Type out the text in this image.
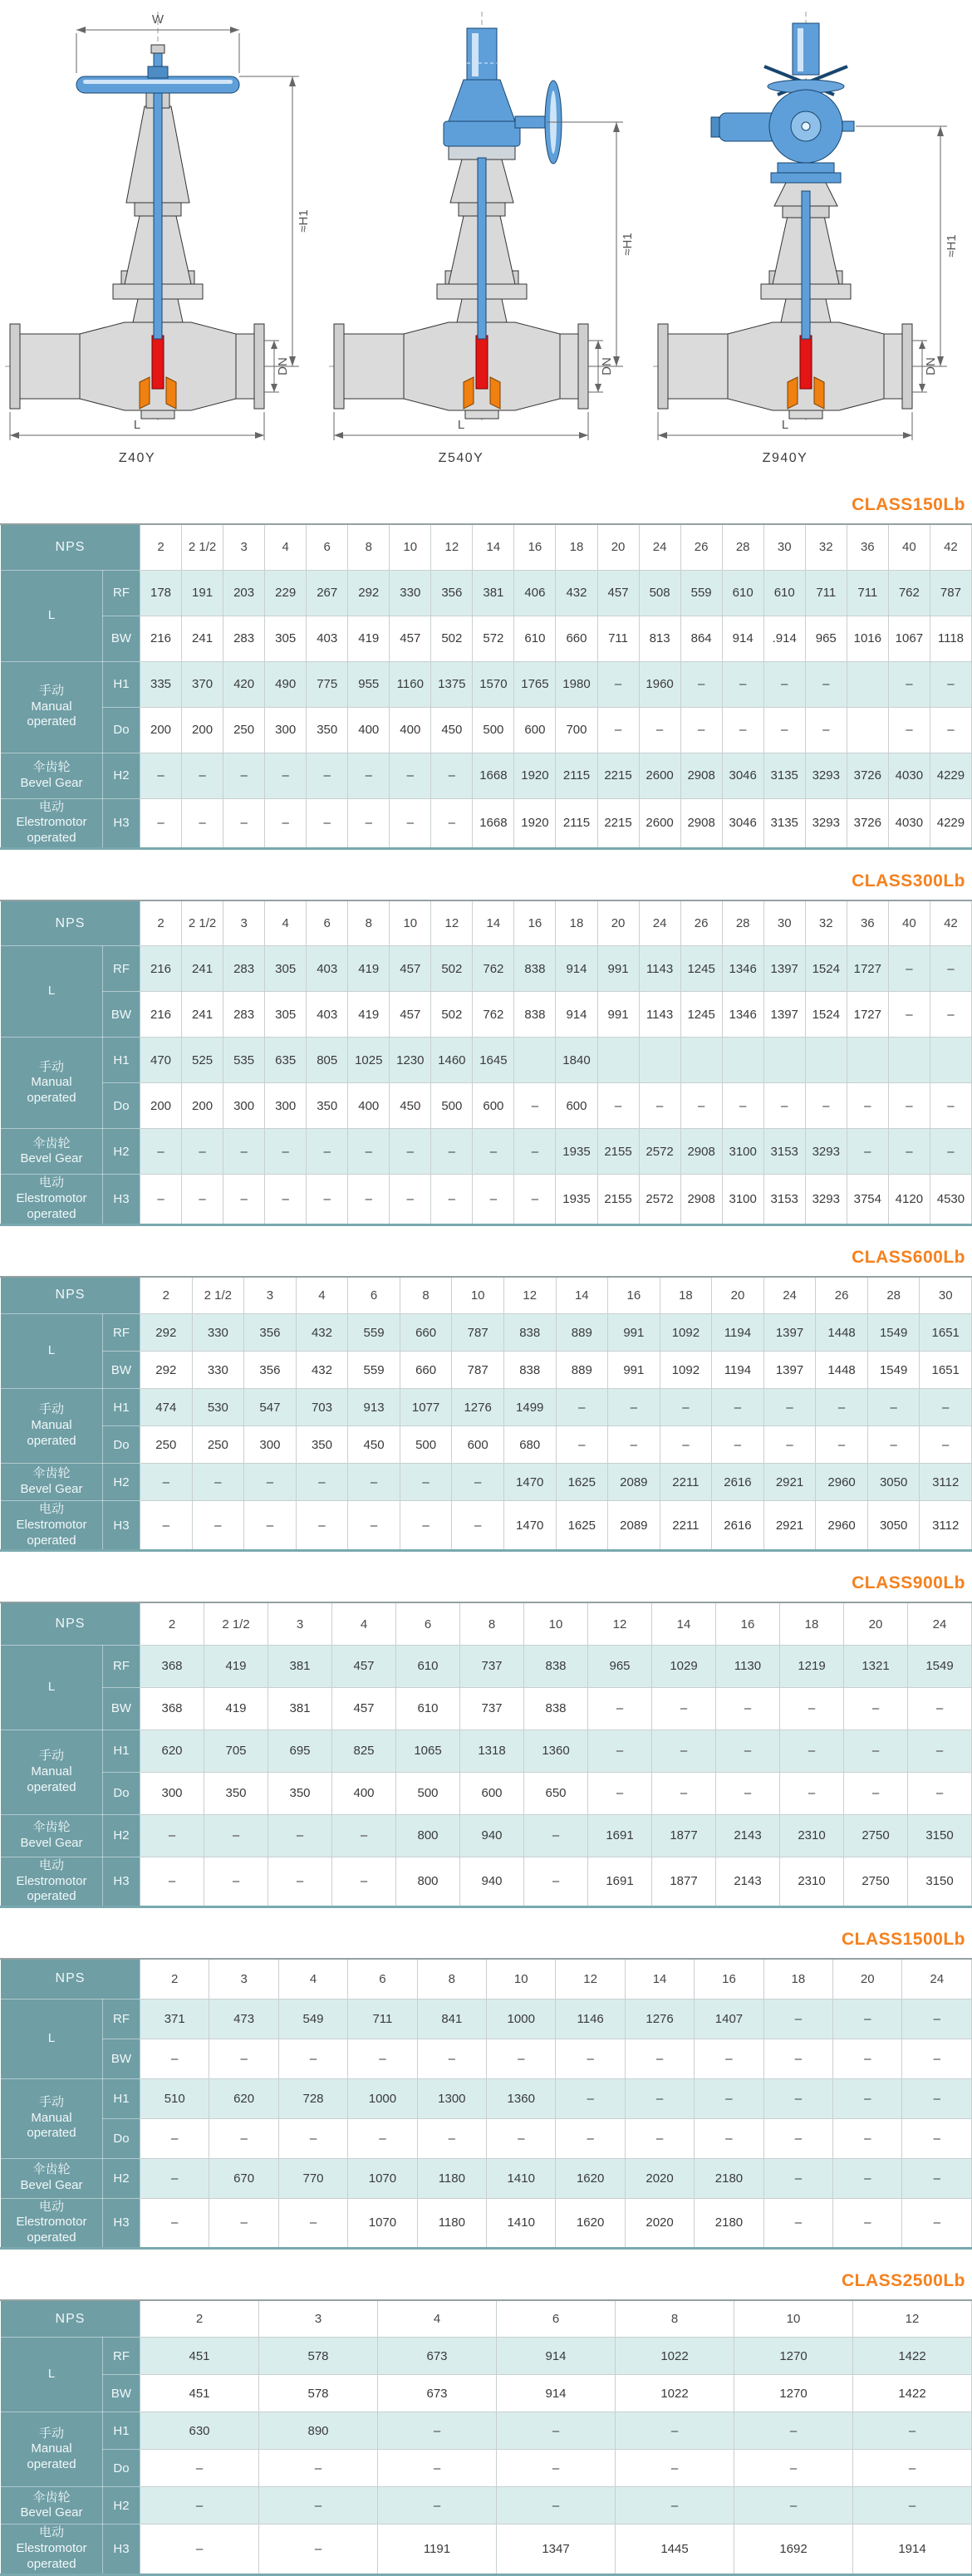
W
≈H1
DN
L
Z40Y
≈H1
DN
L
Z540Y
≈H1
DN
L
Z940Y
CLASS150Lb
NPS		2	2 1/2	3	4	6	8	10	12	14	16	18	20	24	26	28	30	32	36	40	42

L	RF	178	191	203	229	267	292	330	356	381	406	432	457	508	559	610	610	711	711	762	787
	BW	216	241	283	305	403	419	457	502	572	610	660	711	813	864	914	.914	965	1016	1067	1118

手动
Manual
operated	H1	335	370	420	490	775	955	1160	1375	1570	1765	1980	–	1960	–	–	–	–		–	–
	Do	200	200	250	300	350	400	400	450	500	600	700	–	–	–	–	–	–		–	–

伞齿轮
Bevel Gear	H2	–	–	–	–	–	–	–	–	1668	1920	2115	2215	2600	2908	3046	3135	3293	3726	4030	4229

电动
Elestromotor
operated	H3	–	–	–	–	–	–	–	–	1668	1920	2115	2215	2600	2908	3046	3135	3293	3726	4030	4229
CLASS300Lb
NPS		2	2 1/2	3	4	6	8	10	12	14	16	18	20	24	26	28	30	32	36	40	42

L	RF	216	241	283	305	403	419	457	502	762	838	914	991	1143	1245	1346	1397	1524	1727	–	–
	BW	216	241	283	305	403	419	457	502	762	838	914	991	1143	1245	1346	1397	1524	1727	–	–

手动
Manual
operated	H1	470	525	535	635	805	1025	1230	1460	1645		1840									
	Do	200	200	300	300	350	400	450	500	600	–	600	–	–	–	–	–	–	–	–	–

伞齿轮
Bevel Gear	H2	–	–	–	–	–	–	–	–	–	–	1935	2155	2572	2908	3100	3153	3293	–	–	–

电动
Elestromotor
operated	H3	–	–	–	–	–	–	–	–	–	–	1935	2155	2572	2908	3100	3153	3293	3754	4120	4530
CLASS600Lb
NPS		2	2 1/2	3	4	6	8	10	12	14	16	18	20	24	26	28	30

L	RF	292	330	356	432	559	660	787	838	889	991	1092	1194	1397	1448	1549	1651
	BW	292	330	356	432	559	660	787	838	889	991	1092	1194	1397	1448	1549	1651

手动
Manual
operated	H1	474	530	547	703	913	1077	1276	1499	–	–	–	–	–	–	–	–
	Do	250	250	300	350	450	500	600	680	–	–	–	–	–	–	–	–

伞齿轮
Bevel Gear	H2	–	–	–	–	–	–	–	1470	1625	2089	2211	2616	2921	2960	3050	3112

电动
Elestromotor
operated	H3	–	–	–	–	–	–	–	1470	1625	2089	2211	2616	2921	2960	3050	3112
CLASS900Lb
NPS		2	2 1/2	3	4	6	8	10	12	14	16	18	20	24

L	RF	368	419	381	457	610	737	838	965	1029	1130	1219	1321	1549
	BW	368	419	381	457	610	737	838	–	–	–	–	–	–

手动
Manual
operated	H1	620	705	695	825	1065	1318	1360	–	–	–	–	–	–
	Do	300	350	350	400	500	600	650	–	–	–	–	–	–

伞齿轮
Bevel Gear	H2	–	–	–	–	800	940	–	1691	1877	2143	2310	2750	3150

电动
Elestromotor
operated	H3	–	–	–	–	800	940	–	1691	1877	2143	2310	2750	3150
CLASS1500Lb
NPS		2	3	4	6	8	10	12	14	16	18	20	24

L	RF	371	473	549	711	841	1000	1146	1276	1407	–	–	–
	BW	–	–	–	–	–	–	–	–	–	–	–	–

手动
Manual
operated	H1	510	620	728	1000	1300	1360	–	–	–	–	–	–
	Do	–	–	–	–	–	–	–	–	–	–	–	–

伞齿轮
Bevel Gear	H2	–	670	770	1070	1180	1410	1620	2020	2180	–	–	–

电动
Elestromotor
operated	H3	–	–	–	1070	1180	1410	1620	2020	2180	–	–	–
CLASS2500Lb
NPS		2	3	4	6	8	10	12

L	RF	451	578	673	914	1022	1270	1422
	BW	451	578	673	914	1022	1270	1422

手动
Manual
operated	H1	630	890	–	–	–	–	–
	Do	–	–	–	–	–	–	–

伞齿轮
Bevel Gear	H2	–	–	–	–	–	–	–

电动
Elestromotor
operated	H3	–	–	1191	1347	1445	1692	1914
